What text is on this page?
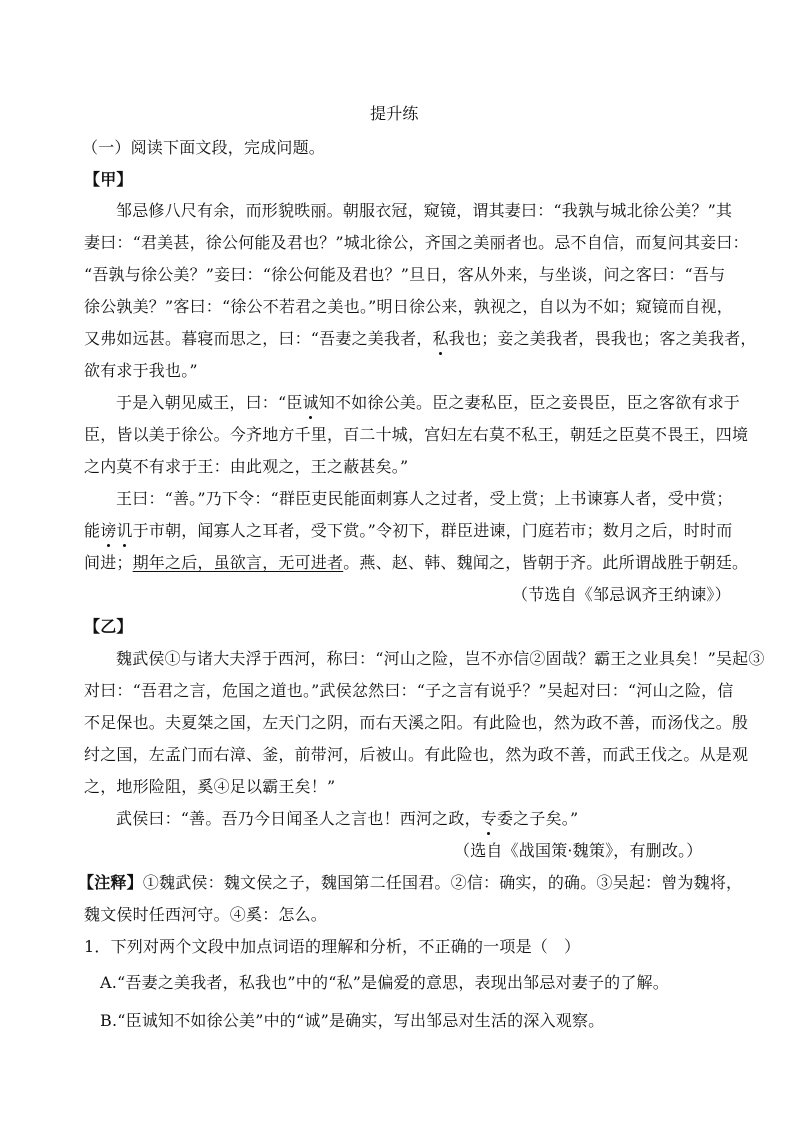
提升练
（一）阅读下面文段，完成问题。
【甲】
邹忌修八尺有余，而形貌昳丽。朝服衣冠，窥镜，谓其妻曰：“我孰与城北徐公美？”其
妻曰：“君美甚，徐公何能及君也？”城北徐公，齐国之美丽者也。忌不自信，而复问其妾曰：
“吾孰与徐公美？”妾曰：“徐公何能及君也？”旦日，客从外来，与坐谈，问之客曰：“吾与
徐公孰美？”客曰：“徐公不若君之美也。”明日徐公来，孰视之，自以为不如；窥镜而自视，
又弗如远甚。暮寝而思之，曰：“吾妻之美我者，私我也；妾之美我者，畏我也；客之美我者，
欲有求于我也。”
于是入朝见威王，曰：“臣诚知不如徐公美。臣之妻私臣，臣之妾畏臣，臣之客欲有求于
臣，皆以美于徐公。今齐地方千里，百二十城，宫妇左右莫不私王，朝廷之臣莫不畏王，四境
之内莫不有求于王：由此观之，王之蔽甚矣。”
王曰：“善。”乃下令：“群臣吏民能面刺寡人之过者，受上赏；上书谏寡人者，受中赏；
能谤讥于市朝，闻寡人之耳者，受下赏。”令初下，群臣进谏，门庭若市；数月之后，时时而
间进；期年之后，虽欲言，无可进者。燕、赵、韩、魏闻之，皆朝于齐。此所谓战胜于朝廷。
（节选自《邹忌讽齐王纳谏》）
【乙】
魏武侯①与诸大夫浮于西河，称曰：“河山之险，岂不亦信②固哉？霸王之业具矣！”吴起③
对曰：“吾君之言，危国之道也。”武侯忿然曰：“子之言有说乎？”吴起对曰：“河山之险，信
不足保也。夫夏桀之国，左天门之阴，而右天溪之阳。有此险也，然为政不善，而汤伐之。殷
纣之国，左孟门而右漳、釜，前带河，后被山。有此险也，然为政不善，而武王伐之。从是观
之，地形险阻，奚④足以霸王矣！”
武侯曰：“善。吾乃今日闻圣人之言也！西河之政，专委之子矣。”
（选自《战国策·魏策》，有删改。）
【注释】①魏武侯：魏文侯之子，魏国第二任国君。②信：确实，的确。③吴起：曾为魏将，
魏文侯时任西河守。④奚：怎么。
1．下列对两个文段中加点词语的理解和分析，不正确的一项是（　）
A.“吾妻之美我者，私我也”中的“私”是偏爱的意思，表现出邹忌对妻子的了解。
B.“臣诚知不如徐公美”中的“诚”是确实，写出邹忌对生活的深入观察。
